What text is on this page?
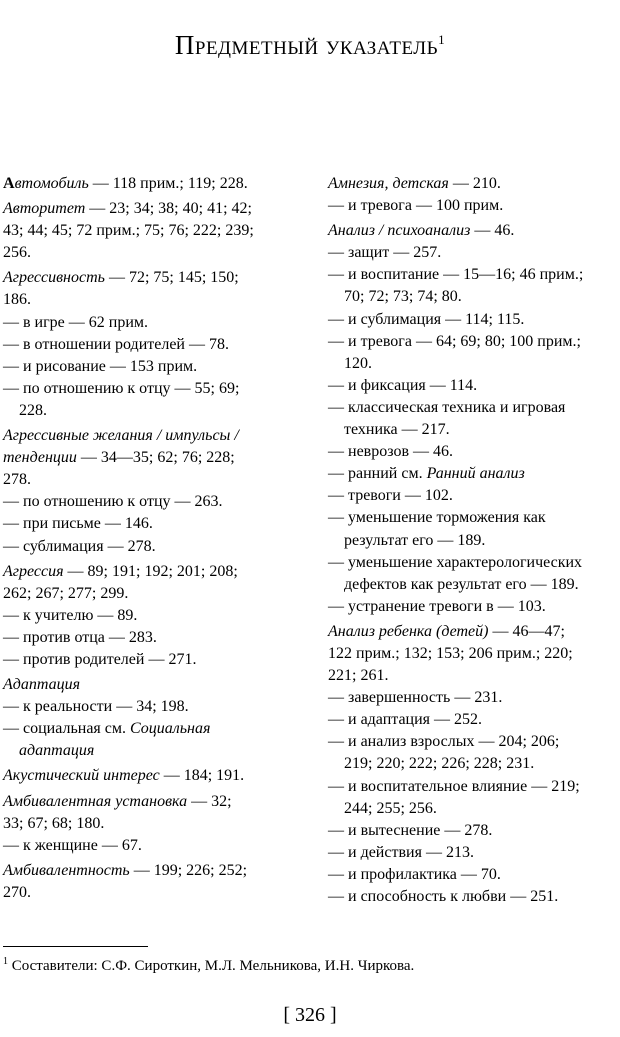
Предметный указатель$^1$
Автомобиль — 118 прим.; 119; 228.
Авторитет — 23; 34; 38; 40; 41; 42;
43; 44; 45; 72 прим.; 75; 76; 222; 239;
256.
Агрессивность — 72; 75; 145; 150;
186.
— в игре — 62 прим.
— в отношении родителей — 78.
— и рисование — 153 прим.
— по отношению к отцу — 55; 69;
228.
Агрессивные желания / импульсы /
тенденции — 34—35; 62; 76; 228;
278.
— по отношению к отцу — 263.
— при письме — 146.
— сублимация — 278.
Агрессия — 89; 191; 192; 201; 208;
262; 267; 277; 299.
— к учителю — 89.
— против отца — 283.
— против родителей — 271.
Адаптация
— к реальности — 34; 198.
— социальная см. Социальная
адаптация
Акустический интерес — 184; 191.
Амбивалентная установка — 32;
33; 67; 68; 180.
— к женщине — 67.
Амбивалентность — 199; 226; 252;
270.
Амнезия, детская — 210.
— и тревога — 100 прим.
Анализ / психоанализ — 46.
— защит — 257.
— и воспитание — 15—16; 46 прим.;
70; 72; 73; 74; 80.
— и сублимация — 114; 115.
— и тревога — 64; 69; 80; 100 прим.;
120.
— и фиксация — 114.
— классическая техника и игровая
техника — 217.
— неврозов — 46.
— ранний см. Ранний анализ
— тревоги — 102.
— уменьшение торможения как
результат его — 189.
— уменьшение характерологических
дефектов как результат его — 189.
— устранение тревоги в — 103.
Анализ ребенка (детей) — 46—47;
122 прим.; 132; 153; 206 прим.; 220;
221; 261.
— завершенность — 231.
— и адаптация — 252.
— и анализ взрослых — 204; 206;
219; 220; 222; 226; 228; 231.
— и воспитательное влияние — 219;
244; 255; 256.
— и вытеснение — 278.
— и действия — 213.
— и профилактика — 70.
— и способность к любви — 251.
$^1$ Составители: С.Ф. Сироткин, М.Л. Мельникова, И.Н. Чиркова.
[ 326 ]
